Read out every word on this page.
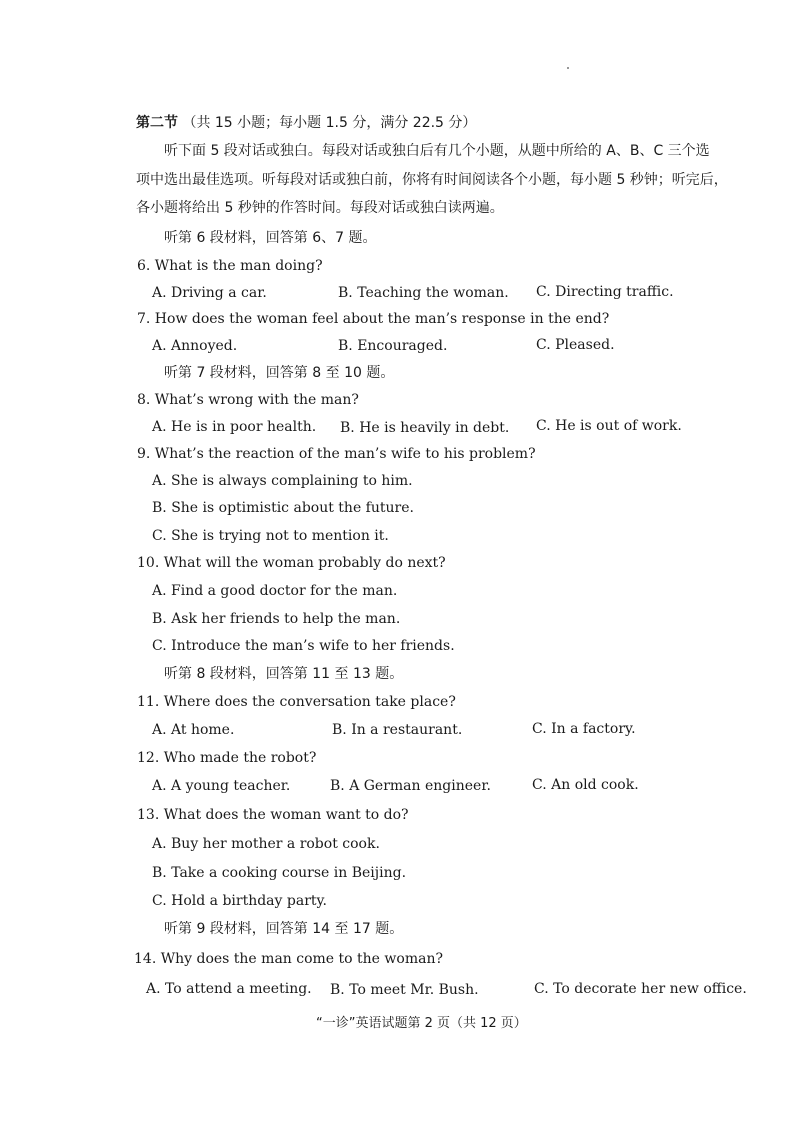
第二节 （共 15 小题；每小题 1.5 分，满分 22.5 分）
听下面 5 段对话或独白。每段对话或独白后有几个小题，从题中所给的 A、B、C 三个选
项中选出最佳选项。听每段对话或独白前，你将有时间阅读各个小题，每小题 5 秒钟；听完后，
各小题将给出 5 秒钟的作答时间。每段对话或独白读两遍。
听第 6 段材料，回答第 6、7 题。
6. What is the man doing?
A. Driving a car.	B. Teaching the woman. C. Directing traffic.
7. How does the woman feel about the man’s response in the end?
A. Annoyed.	B. Encouraged.	C. Pleased.
听第 7 段材料，回答第 8 至 10 题。
8. What’s wrong with the man?
A. He is in poor health. B. He is heavily in debt. C. He is out of work.
9. What’s the reaction of the man’s wife to his problem?
A. She is always complaining to him.
B. She is optimistic about the future.
C. She is trying not to mention it.
10. What will the woman probably do next?
A. Find a good doctor for the man.
B. Ask her friends to help the man.
C. Introduce the man’s wife to her friends.
听第 8 段材料，回答第 11 至 13 题。
11. Where does the conversation take place?
A. At home.	B. In a restaurant.	C. In a factory.
12. Who made the robot?
A. A young teacher.	B. A German engineer.	C. An old cook.
13. What does the woman want to do?
A. Buy her mother a robot cook.
B. Take a cooking course in Beijing.
C. Hold a birthday party.
听第 9 段材料，回答第 14 至 17 题。
14. Why does the man come to the woman?
A. To attend a meeting. B. To meet Mr. Bush.	C. To decorate her new office.
“一诊”英语试题第 2 页（共 12 页）
